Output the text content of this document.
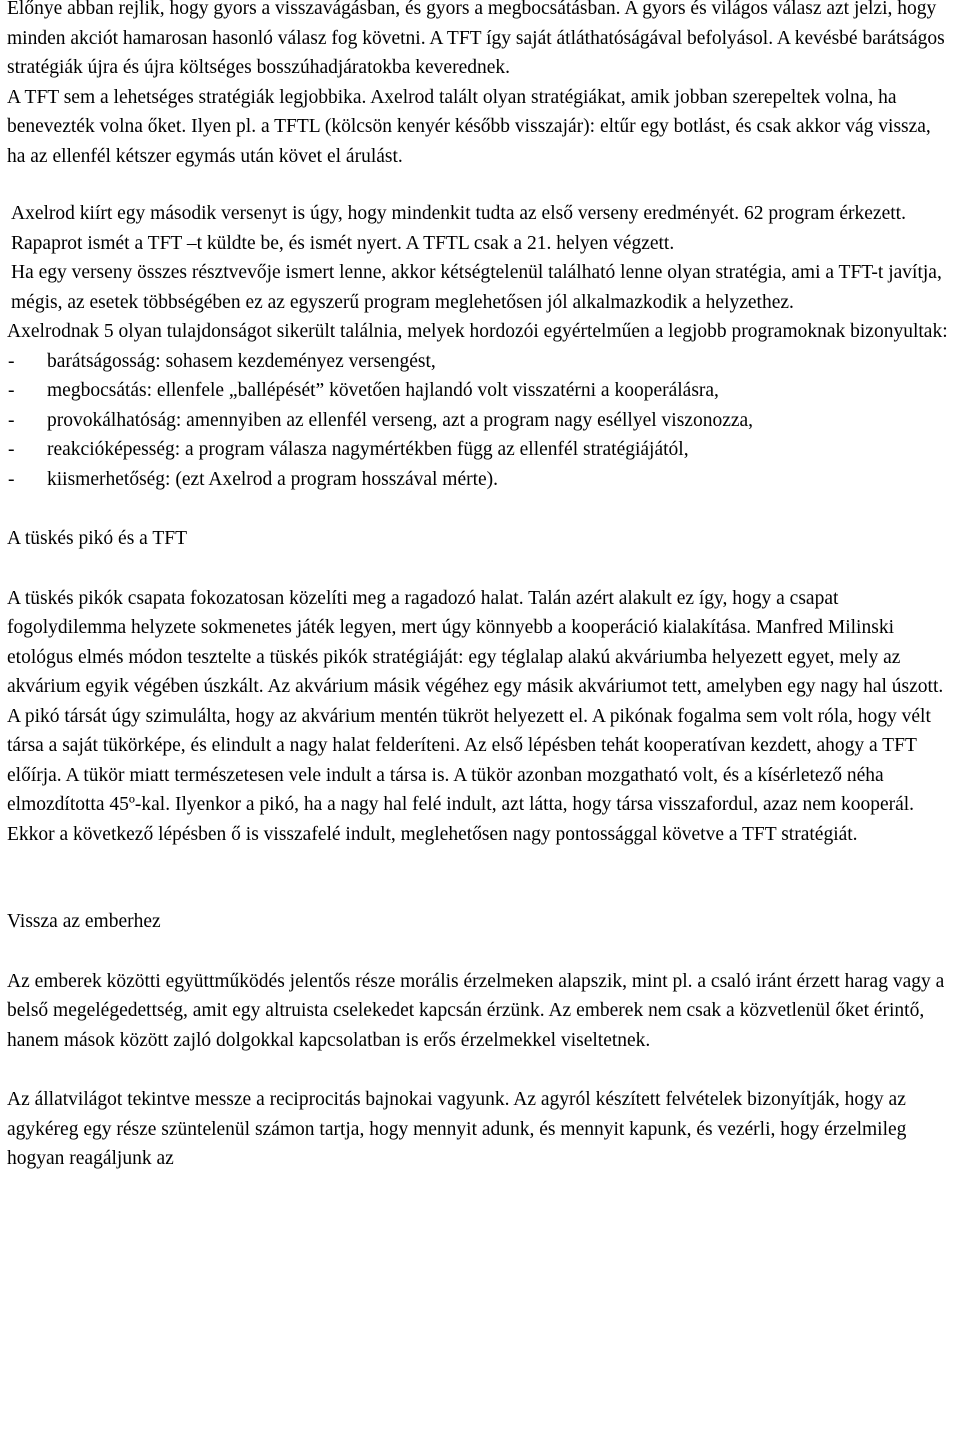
Előnye abban rejlik, hogy gyors a visszavágásban, és gyors a megbocsátásban. A gyors és világos válasz azt jelzi, hogy minden akciót hamarosan hasonló válasz fog követni. A TFT így saját átláthatóságával befolyásol. A kevésbé barátságos stratégiák újra és újra költséges bosszúhadjáratokba keverednek.

A TFT sem a lehetséges stratégiák legjobbika. Axelrod talált olyan stratégiákat, amik jobban szerepeltek volna, ha benevezték volna őket. Ilyen pl. a TFTL (kölcsön kenyér később visszajár): eltűr egy botlást, és csak akkor vág vissza, ha az ellenfél kétszer egymás után követ el árulást.

Axelrod kiírt egy második versenyt is úgy, hogy mindenkit tudta az első verseny eredményét. 62 program érkezett. Rapaprot ismét a TFT –t küldte be, és ismét nyert. A TFTL csak a 21. helyen végzett.

Ha egy verseny összes résztvevője ismert lenne, akkor kétségtelenül található lenne olyan stratégia, ami a TFT-t javítja, mégis, az esetek többségében ez az egyszerű program meglehetősen jól alkalmazkodik a helyzethez.

Axelrodnak 5 olyan tulajdonságot sikerült találnia, melyek hordozói egyértelműen a legjobb programoknak bizonyultak:

- barátságosság: sohasem kezdeményez versengést,
- megbocsátás: ellenfele „ballépését” követően hajlandó volt visszatérni a kooperálásra,
- provokálhatóság: amennyiben az ellenfél verseng, azt a program nagy eséllyel viszonozza,
- reakcióképesség: a program válasza nagymértékben függ az ellenfél stratégiájától,
- kiismerhetőség: (ezt Axelrod a program hosszával mérte).

A tüskés pikó és a TFT

A tüskés pikók csapata fokozatosan közelíti meg a ragadozó halat. Talán azért alakult ez így, hogy a csapat fogolydilemma helyzete sokmenetes játék legyen, mert úgy könnyebb a kooperáció kialakítása. Manfred Milinski etológus elmés módon tesztelte a tüskés pikók stratégiáját: egy téglalap alakú akváriumba helyezett egyet, mely az akvárium egyik végében úszkált. Az akvárium másik végéhez egy másik akváriumot tett, amelyben egy nagy hal úszott. A pikó társát úgy szimulálta, hogy az akvárium mentén tükröt helyezett el. A pikónak fogalma sem volt róla, hogy vélt társa a saját tükörképe, és elindult a nagy halat felderíteni. Az első lépésben tehát kooperatívan kezdett, ahogy a TFT előírja. A tükör miatt természetesen vele indult a társa is. A tükör azonban mozgatható volt, és a kísérletező néha elmozdította 45º-kal. Ilyenkor a pikó, ha a nagy hal felé indult, azt látta, hogy társa visszafordul, azaz nem kooperál. Ekkor a következő lépésben ő is visszafelé indult, meglehetősen nagy pontossággal követve a TFT stratégiát.

Vissza az emberhez

Az emberek közötti együttműködés jelentős része morális érzelmeken alapszik, mint pl. a csaló iránt érzett harag vagy a belső megelégedettség, amit egy altruista cselekedet kapcsán érzünk. Az emberek nem csak a közvetlenül őket érintő, hanem mások között zajló dolgokkal kapcsolatban is erős érzelmekkel viseltetnek.

Az állatvilágot tekintve messze a reciprocitás bajnokai vagyunk. Az agyról készített felvételek bizonyítják, hogy az agykéreg egy része szüntelenül számon tartja, hogy mennyit adunk, és mennyit kapunk, és vezérli, hogy érzelmileg hogyan reagáljunk az
